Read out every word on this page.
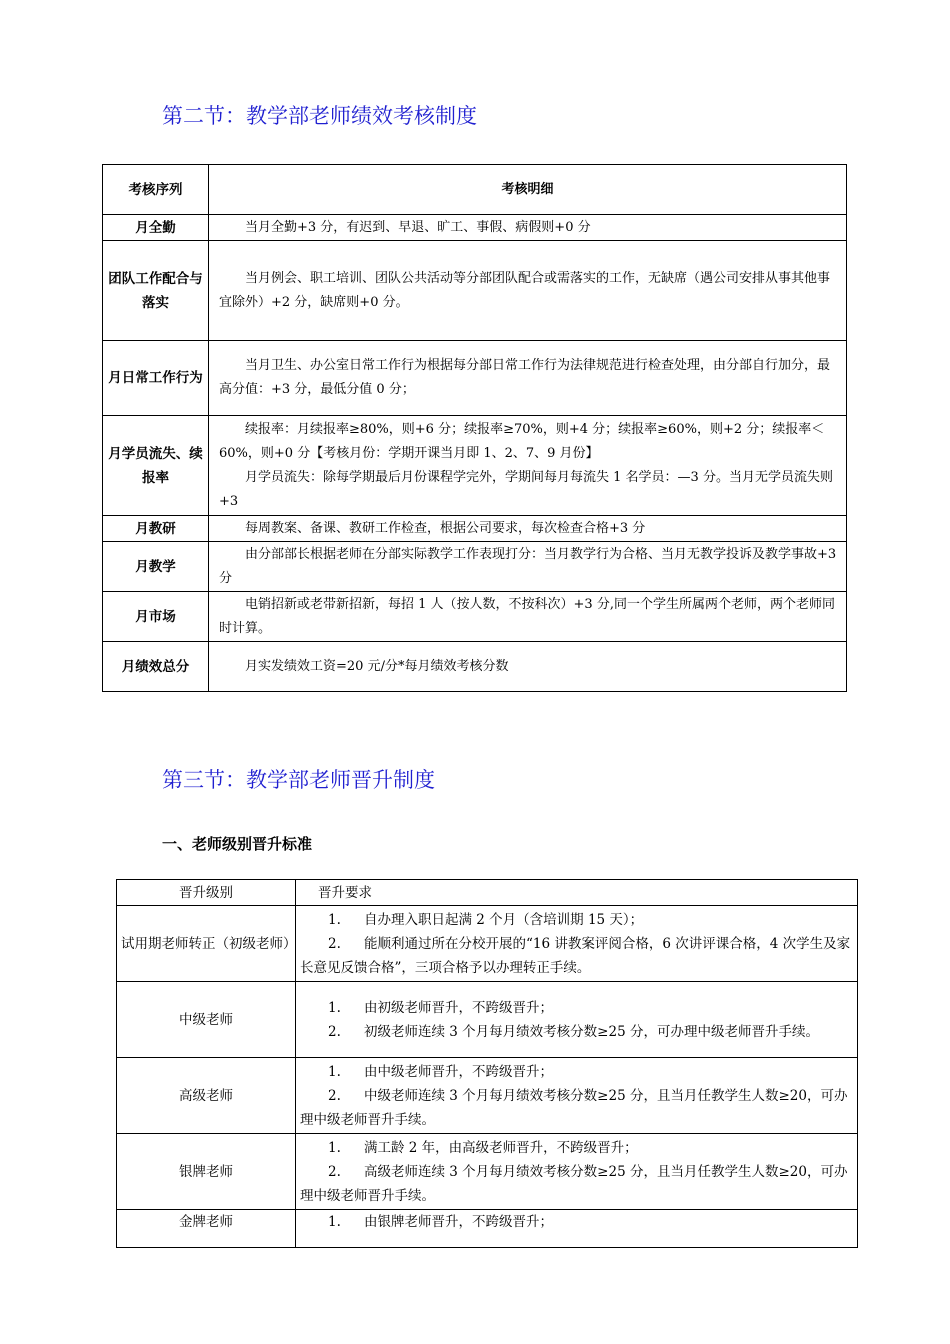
第二节：教学部老师绩效考核制度
考核序列	考核明细
月全勤	当月全勤+3 分，有迟到、早退、旷工、事假、病假则+0 分

团队工作配合与落实	当月例会、职工培训、团队公共活动等分部团队配合或需落实的工作，无缺席（遇公司安排从事其他事宜除外）+2 分，缺席则+0 分。

月日常工作行为	当月卫生、办公室日常工作行为根据每分部日常工作行为法律规范进行检查处理，由分部自行加分，最高分值：+3 分，最低分值 0 分；

月学员流失、续报率	续报率：月续报率≥80%，则+6 分；续报率≥70%，则+4 分；续报率≥60%，则+2 分；续报率＜60%，则+0 分【考核月份：学期开课当月即 1、2、7、9 月份】

月学员流失：除每学期最后月份课程学完外，学期间每月每流失 1 名学员：—3 分。当月无学员流失则+3

月教研	每周教案、备课、教研工作检查，根据公司要求，每次检查合格+3 分

月教学	由分部部长根据老师在分部实际教学工作表现打分：当月教学行为合格、当月无教学投诉及教学事故+3 分

月市场	电销招新或老带新招新，每招 1 人（按人数，不按科次）+3 分,同一个学生所属两个老师，两个老师同时计算。

月绩效总分	月实发绩效工资=20 元/分*每月绩效考核分数

第三节：教学部老师晋升制度
一、老师级别晋升标准
晋升级别	晋升要求
试用期老师转正（初级老师）	1. 自办理入职日起满 2 个月（含培训期 15 天）；
2. 能顺利通过所在分校开展的“16 讲教案评阅合格，6 次讲评课合格，4 次学生及家长意见反馈合格”，三项合格予以办理转正手续。

中级老师	1. 由初级老师晋升，不跨级晋升；
2. 初级老师连续 3 个月每月绩效考核分数≥25 分，可办理中级老师晋升手续。

高级老师	1. 由中级老师晋升，不跨级晋升；
2. 中级老师连续 3 个月每月绩效考核分数≥25 分，且当月任教学生人数≥20，可办理中级老师晋升手续。

银牌老师	1. 满工龄 2 年，由高级老师晋升，不跨级晋升；
2. 高级老师连续 3 个月每月绩效考核分数≥25 分，且当月任教学生人数≥20，可办理中级老师晋升手续。

金牌老师	1. 由银牌老师晋升，不跨级晋升；
